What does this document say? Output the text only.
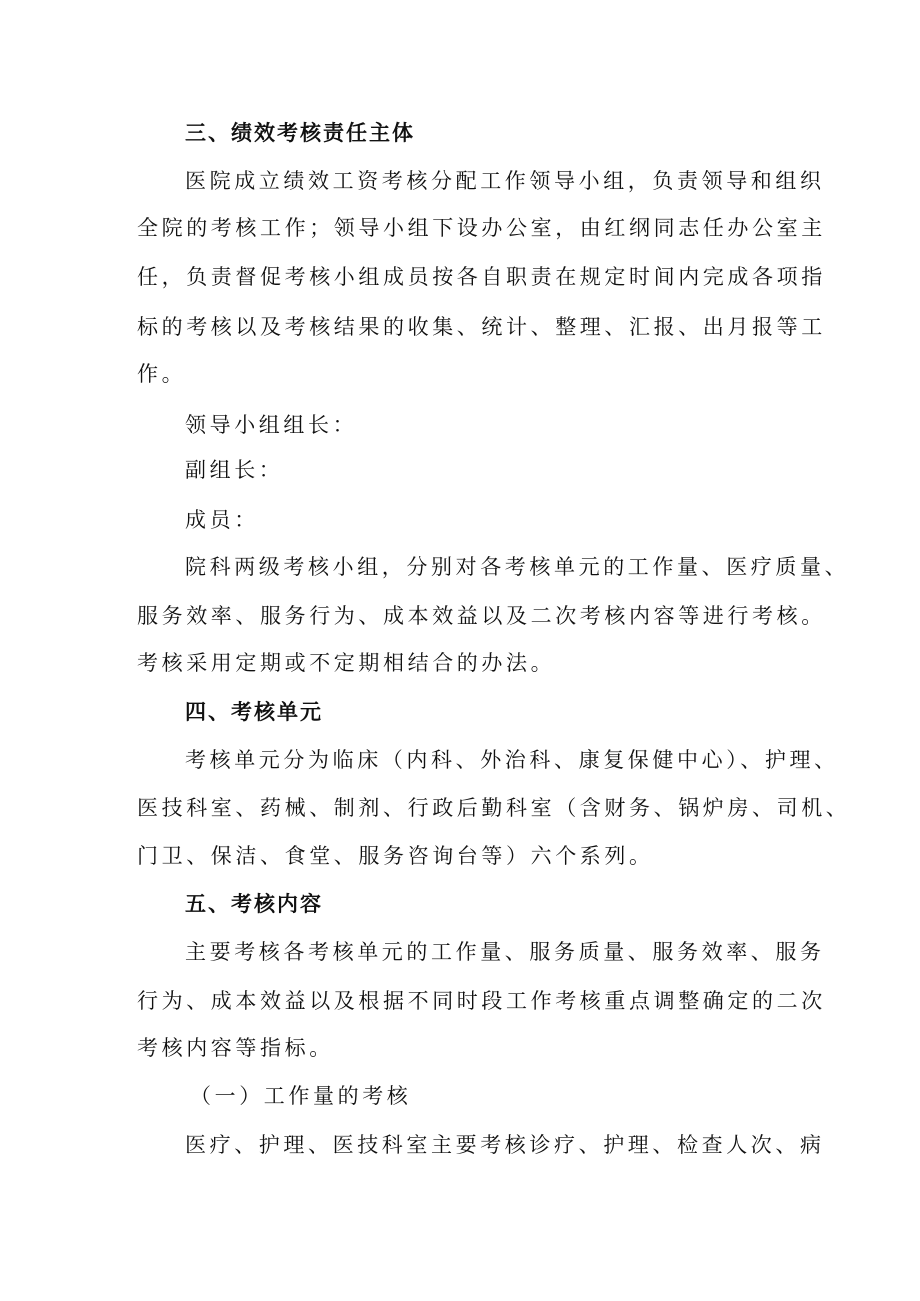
三、绩效考核责任主体
医院成立绩效工资考核分配工作领导小组，负责领导和组织
全院的考核工作；领导小组下设办公室，由红纲同志任办公室主
任，负责督促考核小组成员按各自职责在规定时间内完成各项指
标的考核以及考核结果的收集、统计、整理、汇报、出月报等工
作。
领导小组组长：
副组长：
成员：
院科两级考核小组，分别对各考核单元的工作量、医疗质量、
服务效率、服务行为、成本效益以及二次考核内容等进行考核。
考核采用定期或不定期相结合的办法。
四、考核单元
考核单元分为临床（内科、外治科、康复保健中心）、护理、
医技科室、药械、制剂、行政后勤科室（含财务、锅炉房、司机、
门卫、保洁、食堂、服务咨询台等）六个系列。
五、考核内容
主要考核各考核单元的工作量、服务质量、服务效率、服务
行为、成本效益以及根据不同时段工作考核重点调整确定的二次
考核内容等指标。
（一）工作量的考核
医疗、护理、医技科室主要考核诊疗、护理、检查人次、病
